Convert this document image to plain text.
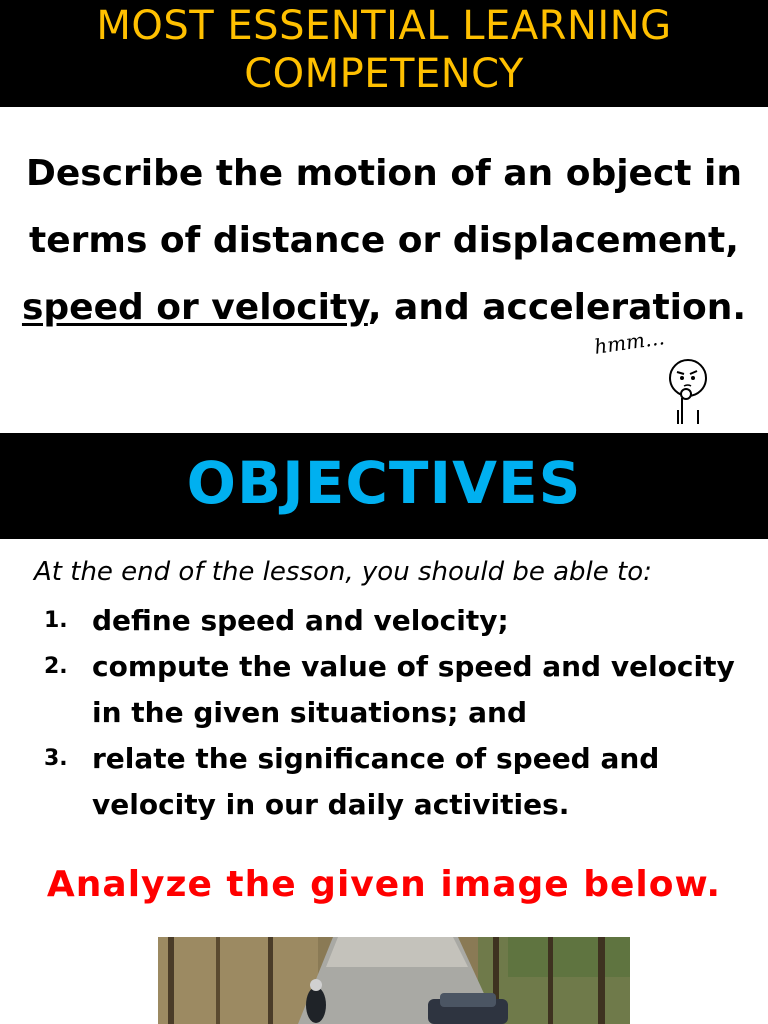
MOST ESSENTIAL LEARNING COMPETENCY
Describe the motion of an object in
terms of distance or displacement,
speed or velocity, and acceleration.
hmm…
OBJECTIVES
At the end of the lesson, you should be able to:
1. define speed and velocity;
2. compute the value of speed and velocity in the given situations; and
3. relate the significance of speed and velocity in our daily activities.
Analyze the given image below.
